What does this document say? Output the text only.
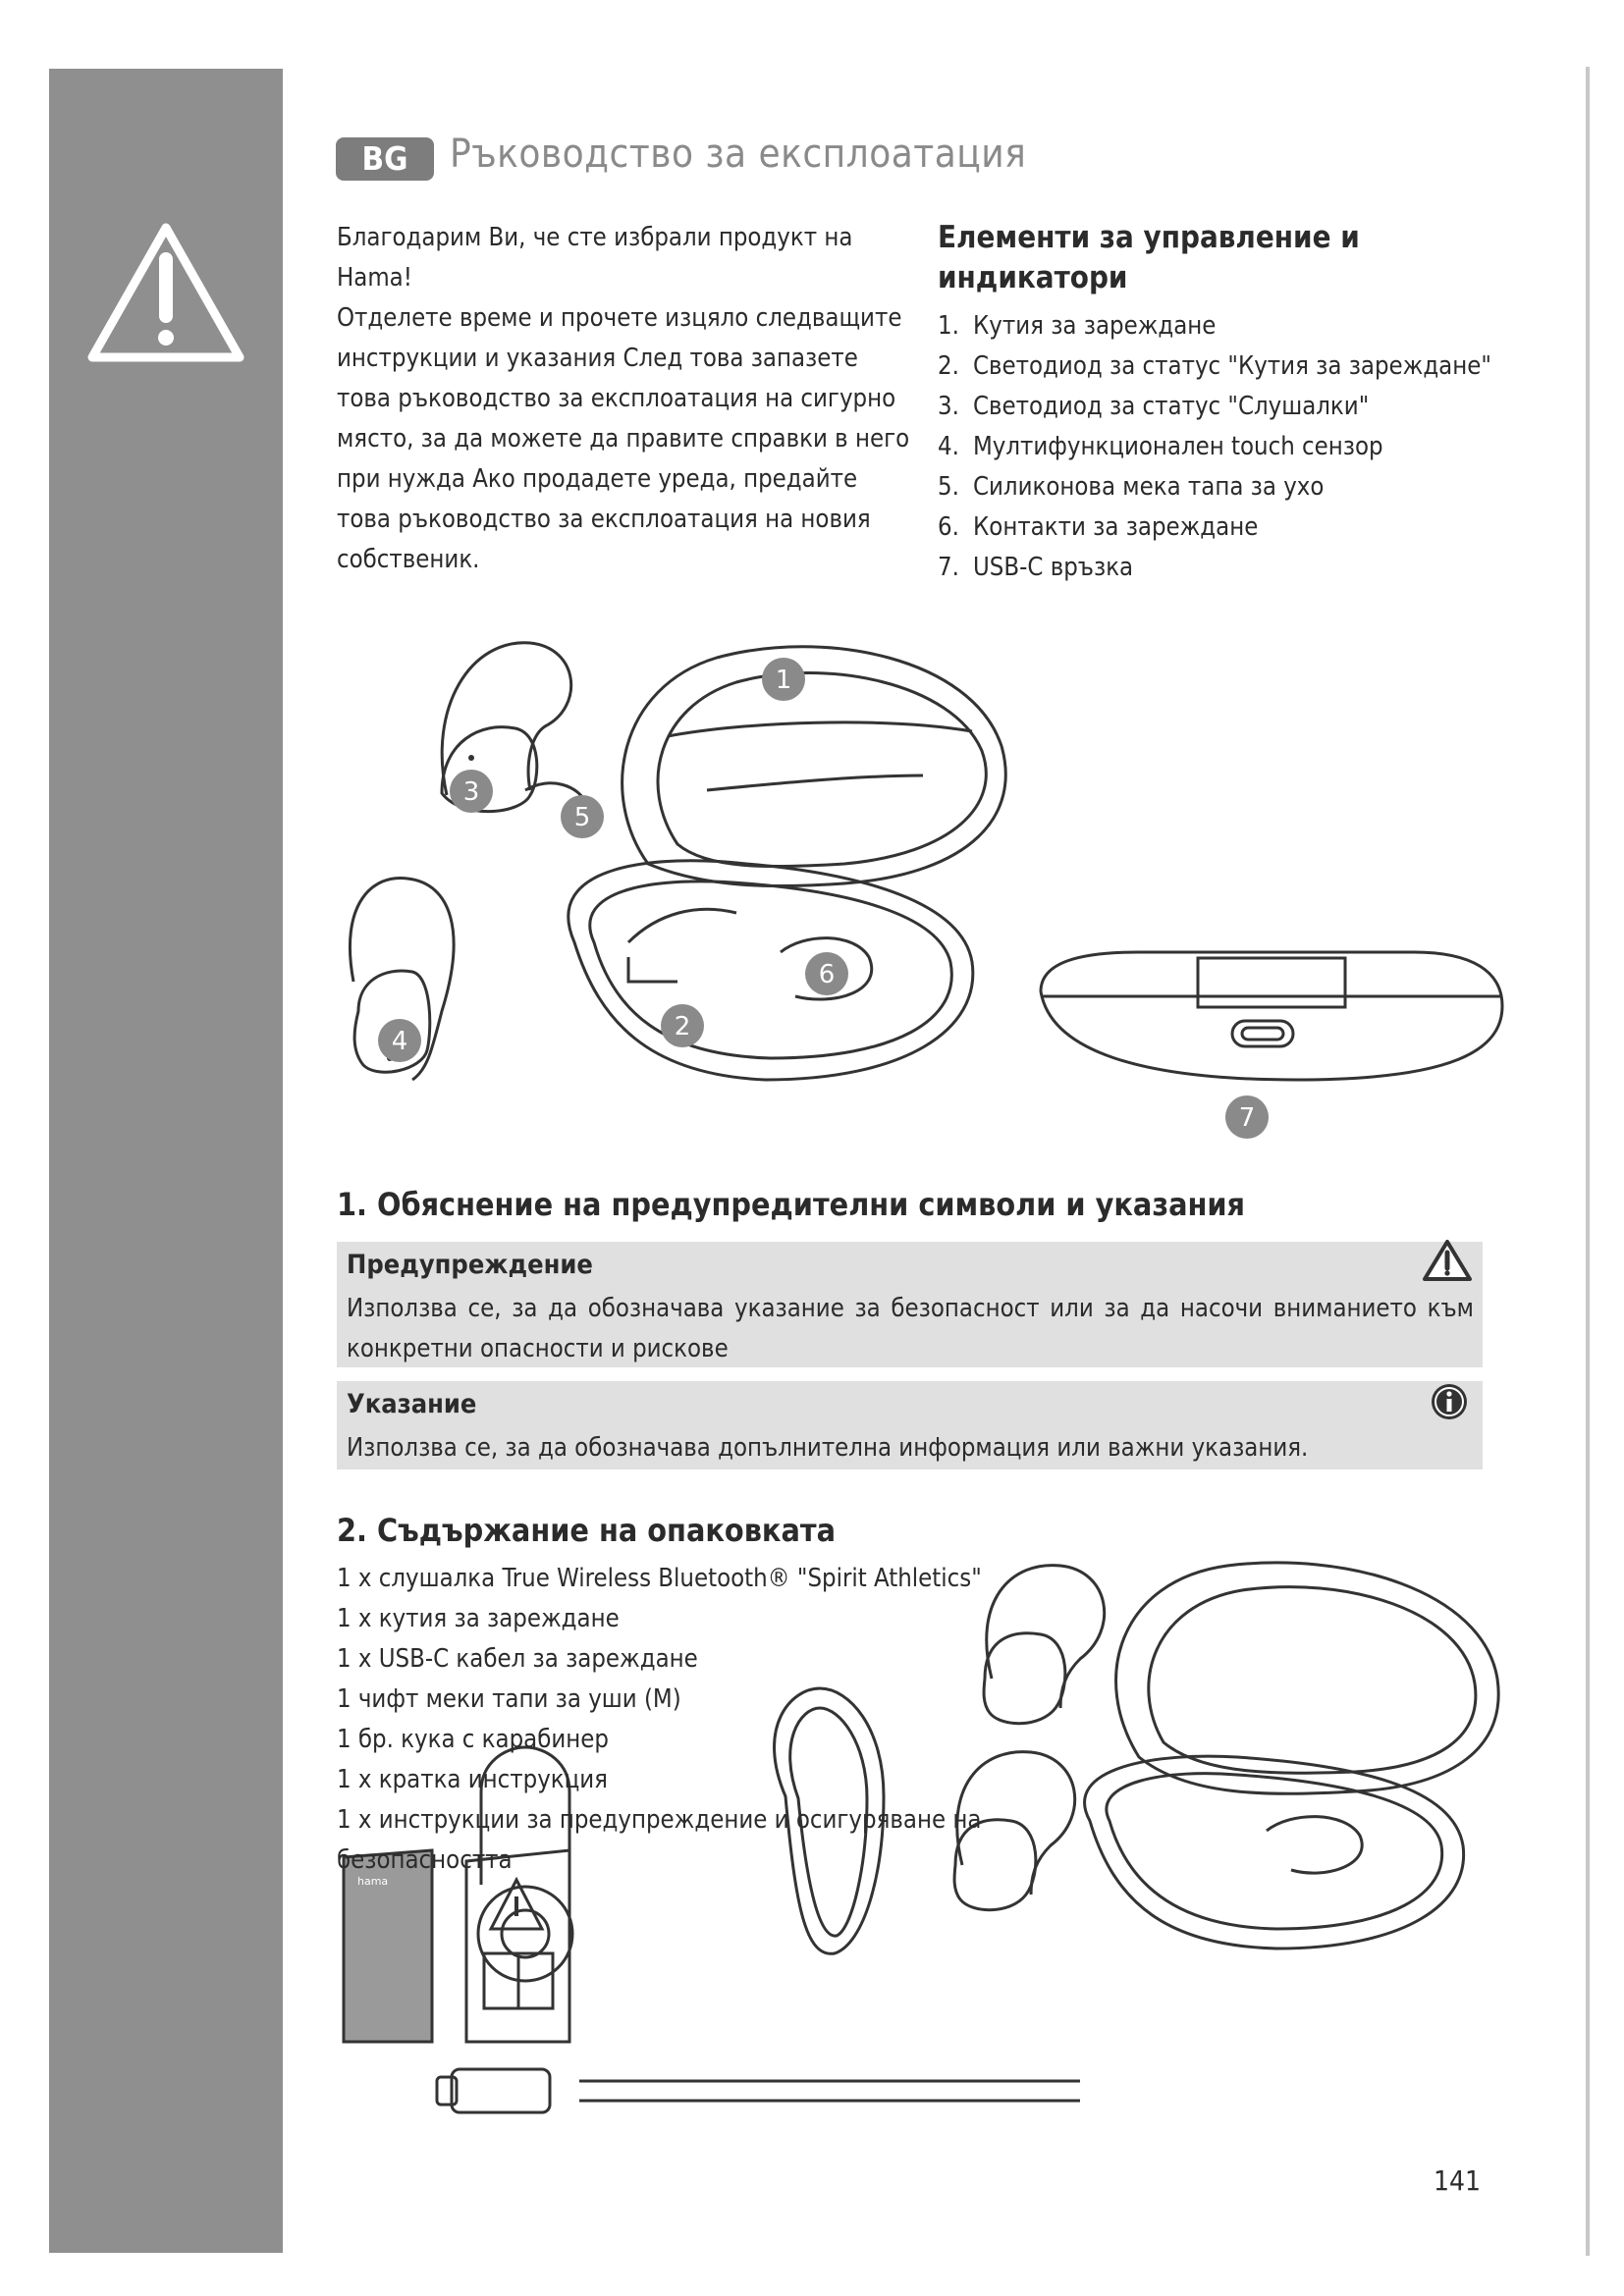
BG	Ръководство за експлоатация

Благодарим Ви, че сте избрали продукт на Hama!

Отделете време и прочете изцяло следващите инструкции и указания След това запазете това ръководство за експлоатация на сигурно място, за да можете да правите справки в него при нужда Ако продадете уреда, предайте това ръководство за експлоатация на новия собственик.

Елементи за управление и индикатори
1. Кутия за зареждане
2. Светодиод за статус "Кутия за зареждане"
3. Светодиод за статус "Слушалки"
4. Мултифункционален touch сензор
5. Силиконова мека тапа за ухо
6. Контакти за зареждане
7. USB-C връзка
1
2
3
4
5
6
7
1. Обяснение на предупредителни символи и указания
Предупреждение
Използва се, за да обозначава указание за безопасност или за да насочи вниманието към конкретни опасности и рискове
Указание
Използва се, за да обозначава допълнителна информация или важни указания.
2. Съдържание на опаковката
hama
1 x слушалка True Wireless Bluetooth® "Spirit Athletics"
1 x кутия за зареждане
1 x USB-C кабел за зареждане
1 чифт меки тапи за уши (M)
1 бр. кука с карабинер
1 x кратка инструкция
1 x инструкции за предупреждение и осигуряване на безопасността
141
